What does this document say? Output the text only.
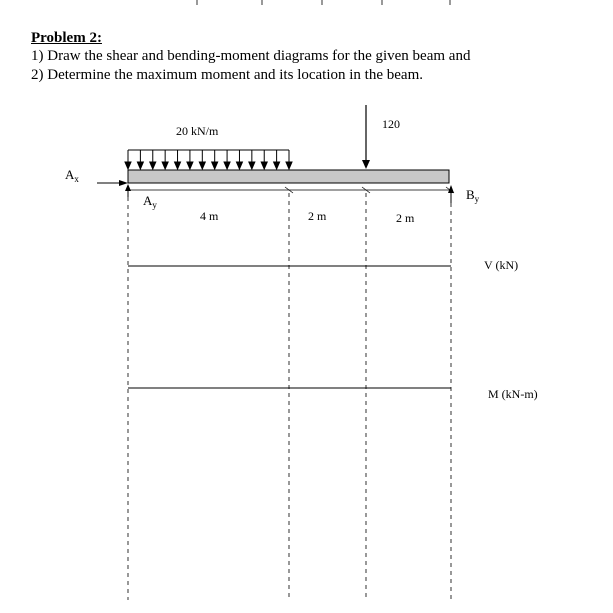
Problem 2:
1) Draw the shear and bending-moment diagrams for the given beam and
2) Determine the maximum moment and its location in the beam.
20 kN/m	120
$A_x$
$A_y$
$B_y$
4 m	2 m	2 m
V (kN)
M (kN-m)
